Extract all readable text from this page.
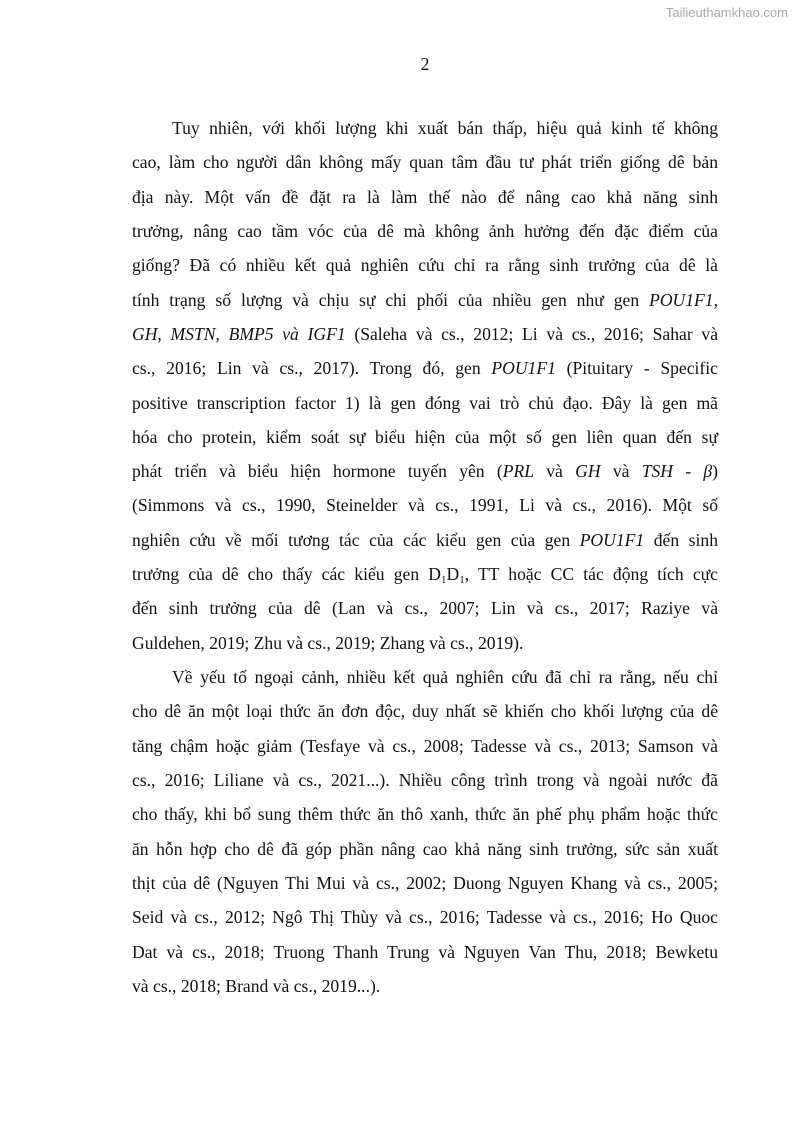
Tailieuthamkhao.com
2
Tuy nhiên, với khối lượng khi xuất bán thấp, hiệu quả kinh tế không
cao, làm cho người dân không mấy quan tâm đầu tư phát triển giống dê bản
địa này. Một vấn đề đặt ra là làm thế nào để nâng cao khả năng sinh
trưởng, nâng cao tầm vóc của dê mà không ảnh hưởng đến đặc điểm của
giống? Đã có nhiều kết quả nghiên cứu chỉ ra rằng sinh trưởng của dê là
tính trạng số lượng và chịu sự chi phối của nhiều gen như gen POU1F1,
GH, MSTN, BMP5 và IGF1 (Saleha và cs., 2012; Li và cs., 2016; Sahar và
cs., 2016; Lin và cs., 2017). Trong đó, gen POU1F1 (Pituitary - Specific
positive transcription factor 1) là gen đóng vai trò chủ đạo. Đây là gen mã
hóa cho protein, kiểm soát sự biểu hiện của một số gen liên quan đến sự
phát triển và biểu hiện hormone tuyến yên (PRL và GH và TSH - β)
(Simmons và cs., 1990, Steinelder và cs., 1991, Li và cs., 2016). Một số
nghiên cứu về mối tương tác của các kiểu gen của gen POU1F1 đến sinh
trưởng của dê cho thấy các kiểu gen $D_1D_1$, TT hoặc CC tác động tích cực
đến sinh trưởng của dê (Lan và cs., 2007; Lin và cs., 2017; Raziye và
Guldehen, 2019; Zhu và cs., 2019; Zhang và cs., 2019).
Về yếu tố ngoại cảnh, nhiều kết quả nghiên cứu đã chỉ ra rằng, nếu chỉ
cho dê ăn một loại thức ăn đơn độc, duy nhất sẽ khiến cho khối lượng của dê
tăng chậm hoặc giảm (Tesfaye và cs., 2008; Tadesse và cs., 2013; Samson và
cs., 2016; Liliane và cs., 2021...). Nhiều công trình trong và ngoài nước đã
cho thấy, khi bổ sung thêm thức ăn thô xanh, thức ăn phế phụ phẩm hoặc thức
ăn hỗn hợp cho dê đã góp phần nâng cao khả năng sinh trưởng, sức sản xuất
thịt của dê (Nguyen Thi Mui và cs., 2002; Duong Nguyen Khang và cs., 2005;
Seid và cs., 2012; Ngô Thị Thùy và cs., 2016; Tadesse và cs., 2016; Ho Quoc
Dat và cs., 2018; Truong Thanh Trung và Nguyen Van Thu, 2018; Bewketu
và cs., 2018; Brand và cs., 2019...).
